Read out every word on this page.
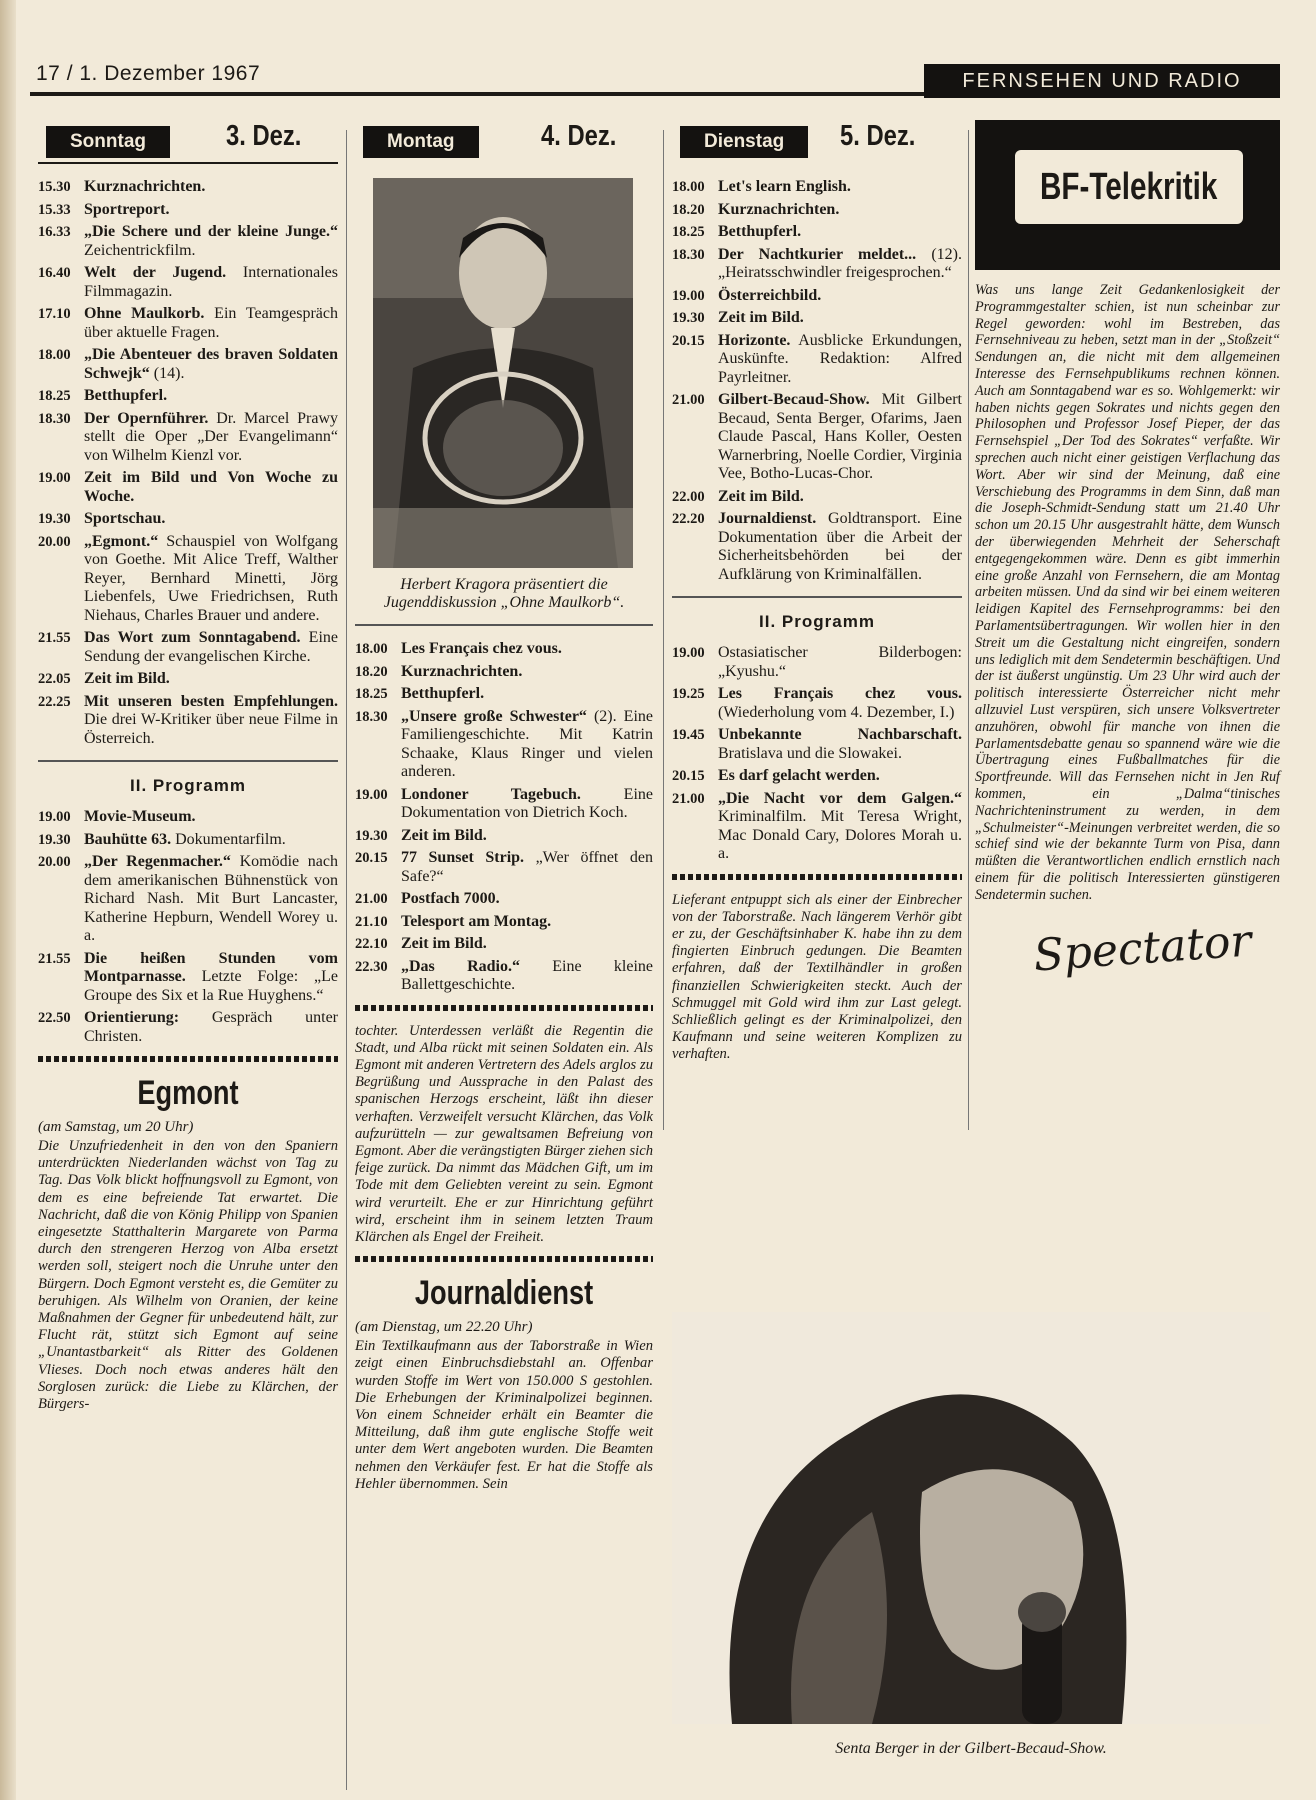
17 / 1. Dezember 1967	FERNSEHEN UND RADIO
Sonntag	3. Dez.
15.30 Kurznachrichten.
15.33 Sportreport.
16.33 „Die Schere und der kleine Junge.“ Zeichentrickfilm.
16.40 Welt der Jugend. Internationales Filmmagazin.
17.10 Ohne Maulkorb. Ein Teamgespräch über aktuelle Fragen.
18.00 „Die Abenteuer des braven Soldaten Schwejk“ (14).
18.25 Betthupferl.
18.30 Der Opernführer. Dr. Marcel Prawy stellt die Oper „Der Evangelimann“ von Wilhelm Kienzl vor.
19.00 Zeit im Bild und Von Woche zu Woche.
19.30 Sportschau.
20.00 „Egmont.“ Schauspiel von Wolfgang von Goethe. Mit Alice Treff, Walther Reyer, Bernhard Minetti, Jörg Liebenfels, Uwe Friedrichsen, Ruth Niehaus, Charles Brauer und andere.
21.55 Das Wort zum Sonntagabend. Eine Sendung der evangelischen Kirche.
22.05 Zeit im Bild.
22.25 Mit unseren besten Empfehlungen. Die drei W-Kritiker über neue Filme in Österreich.
II. Programm
19.00 Movie-Museum.
19.30 Bauhütte 63. Dokumentarfilm.
20.00 „Der Regenmacher.“ Komödie nach dem amerikanischen Bühnenstück von Richard Nash. Mit Burt Lancaster, Katherine Hepburn, Wendell Worey u. a.
21.55 Die heißen Stunden vom Montparnasse. Letzte Folge: „Le Groupe des Six et la Rue Huyghens.“
22.50 Orientierung: Gespräch unter Christen.
Egmont
(am Samstag, um 20 Uhr)
Die Unzufriedenheit in den von den Spaniern unterdrückten Niederlanden wächst von Tag zu Tag. Das Volk blickt hoffnungsvoll zu Egmont, von dem es eine befreiende Tat erwartet. Die Nachricht, daß die von König Philipp von Spanien eingesetzte Statthalterin Margarete von Parma durch den strengeren Herzog von Alba ersetzt werden soll, steigert noch die Unruhe unter den Bürgern. Doch Egmont versteht es, die Gemüter zu beruhigen. Als Wilhelm von Oranien, der keine Maßnahmen der Gegner für unbedeutend hält, zur Flucht rät, stützt sich Egmont auf seine „Unantastbarkeit“ als Ritter des Goldenen Vlieses. Doch noch etwas anderes hält den Sorglosen zurück: die Liebe zu Klärchen, der Bürgers-
Montag	4. Dez.
Herbert Kragora präsentiert die Jugenddiskussion „Ohne Maulkorb“.
18.00 Les Français chez vous.
18.20 Kurznachrichten.
18.25 Betthupferl.
18.30 „Unsere große Schwester“ (2). Eine Familiengeschichte. Mit Katrin Schaake, Klaus Ringer und vielen anderen.
19.00 Londoner Tagebuch. Eine Dokumentation von Dietrich Koch.
19.30 Zeit im Bild.
20.15 77 Sunset Strip. „Wer öffnet den Safe?“
21.00 Postfach 7000.
21.10 Telesport am Montag.
22.10 Zeit im Bild.
22.30 „Das Radio.“ Eine kleine Ballettgeschichte.
tochter. Unterdessen verläßt die Regentin die Stadt, und Alba rückt mit seinen Soldaten ein. Als Egmont mit anderen Vertretern des Adels arglos zu Begrüßung und Aussprache in den Palast des spanischen Herzogs erscheint, läßt ihn dieser verhaften. Verzweifelt versucht Klärchen, das Volk aufzurütteln — zur gewaltsamen Befreiung von Egmont. Aber die verängstigten Bürger ziehen sich feige zurück. Da nimmt das Mädchen Gift, um im Tode mit dem Geliebten vereint zu sein. Egmont wird verurteilt. Ehe er zur Hinrichtung geführt wird, erscheint ihm in seinem letzten Traum Klärchen als Engel der Freiheit.
Journaldienst
(am Dienstag, um 22.20 Uhr)
Ein Textilkaufmann aus der Taborstraße in Wien zeigt einen Einbruchsdiebstahl an. Offenbar wurden Stoffe im Wert von 150.000 S gestohlen. Die Erhebungen der Kriminalpolizei beginnen. Von einem Schneider erhält ein Beamter die Mitteilung, daß ihm gute englische Stoffe weit unter dem Wert angeboten wurden. Die Beamten nehmen den Verkäufer fest. Er hat die Stoffe als Hehler übernommen. Sein
Dienstag	5. Dez.
18.00 Let's learn English.
18.20 Kurznachrichten.
18.25 Betthupferl.
18.30 Der Nachtkurier meldet... (12). „Heiratsschwindler freigesprochen.“
19.00 Österreichbild.
19.30 Zeit im Bild.
20.15 Horizonte. Ausblicke Erkundungen, Auskünfte. Redaktion: Alfred Payrleitner.
21.00 Gilbert-Becaud-Show. Mit Gilbert Becaud, Senta Berger, Ofarims, Jaen Claude Pascal, Hans Koller, Oesten Warnerbring, Noelle Cordier, Virginia Vee, Botho-Lucas-Chor.
22.00 Zeit im Bild.
22.20 Journaldienst. Goldtransport. Eine Dokumentation über die Arbeit der Sicherheitsbehörden bei der Aufklärung von Kriminalfällen.
II. Programm
19.00 Ostasiatischer Bilderbogen: „Kyushu.“
19.25 Les Français chez vous. (Wiederholung vom 4. Dezember, I.)
19.45 Unbekannte Nachbarschaft. Bratislava und die Slowakei.
20.15 Es darf gelacht werden.
21.00 „Die Nacht vor dem Galgen.“ Kriminalfilm. Mit Teresa Wright, Mac Donald Cary, Dolores Morah u. a.
Lieferant entpuppt sich als einer der Einbrecher von der Taborstraße. Nach längerem Verhör gibt er zu, der Geschäftsinhaber K. habe ihn zu dem fingierten Einbruch gedungen. Die Beamten erfahren, daß der Textilhändler in großen finanziellen Schwierigkeiten steckt. Auch der Schmuggel mit Gold wird ihm zur Last gelegt. Schließlich gelingt es der Kriminalpolizei, den Kaufmann und seine weiteren Komplizen zu verhaften.
BF-Telekritik
Was uns lange Zeit Gedankenlosigkeit der Programmgestalter schien, ist nun scheinbar zur Regel geworden: wohl im Bestreben, das Fernsehniveau zu heben, setzt man in der „Stoßzeit“ Sendungen an, die nicht mit dem allgemeinen Interesse des Fernsehpublikums rechnen können. Auch am Sonntagabend war es so. Wohlgemerkt: wir haben nichts gegen Sokrates und nichts gegen den Philosophen und Professor Josef Pieper, der das Fernsehspiel „Der Tod des Sokrates“ verfaßte. Wir sprechen auch nicht einer geistigen Verflachung das Wort. Aber wir sind der Meinung, daß eine Verschiebung des Programms in dem Sinn, daß man die Joseph-Schmidt-Sendung statt um 21.40 Uhr schon um 20.15 Uhr ausgestrahlt hätte, dem Wunsch der überwiegenden Mehrheit der Seherschaft entgegengekommen wäre. Denn es gibt immerhin eine große Anzahl von Fernsehern, die am Montag arbeiten müssen. Und da sind wir bei einem weiteren leidigen Kapitel des Fernsehprogramms: bei den Parlamentsübertragungen. Wir wollen hier in den Streit um die Gestaltung nicht eingreifen, sondern uns lediglich mit dem Sendetermin beschäftigen. Und der ist äußerst ungünstig. Um 23 Uhr wird auch der politisch interessierte Österreicher nicht mehr allzuviel Lust verspüren, sich unsere Volksvertreter anzuhören, obwohl für manche von ihnen die Parlamentsdebatte genau so spannend wäre wie die Übertragung eines Fußballmatches für die Sportfreunde. Will das Fernsehen nicht in Jen Ruf kommen, ein „Dalma“tinisches Nachrichteninstrument zu werden, in dem „Schulmeister“-Meinungen verbreitet werden, die so schief sind wie der bekannte Turm von Pisa, dann müßten die Verantwortlichen endlich ernstlich nach einem für die politisch Interessierten günstigeren Sendetermin suchen.
Spectator
Senta Berger in der Gilbert-Becaud-Show.
